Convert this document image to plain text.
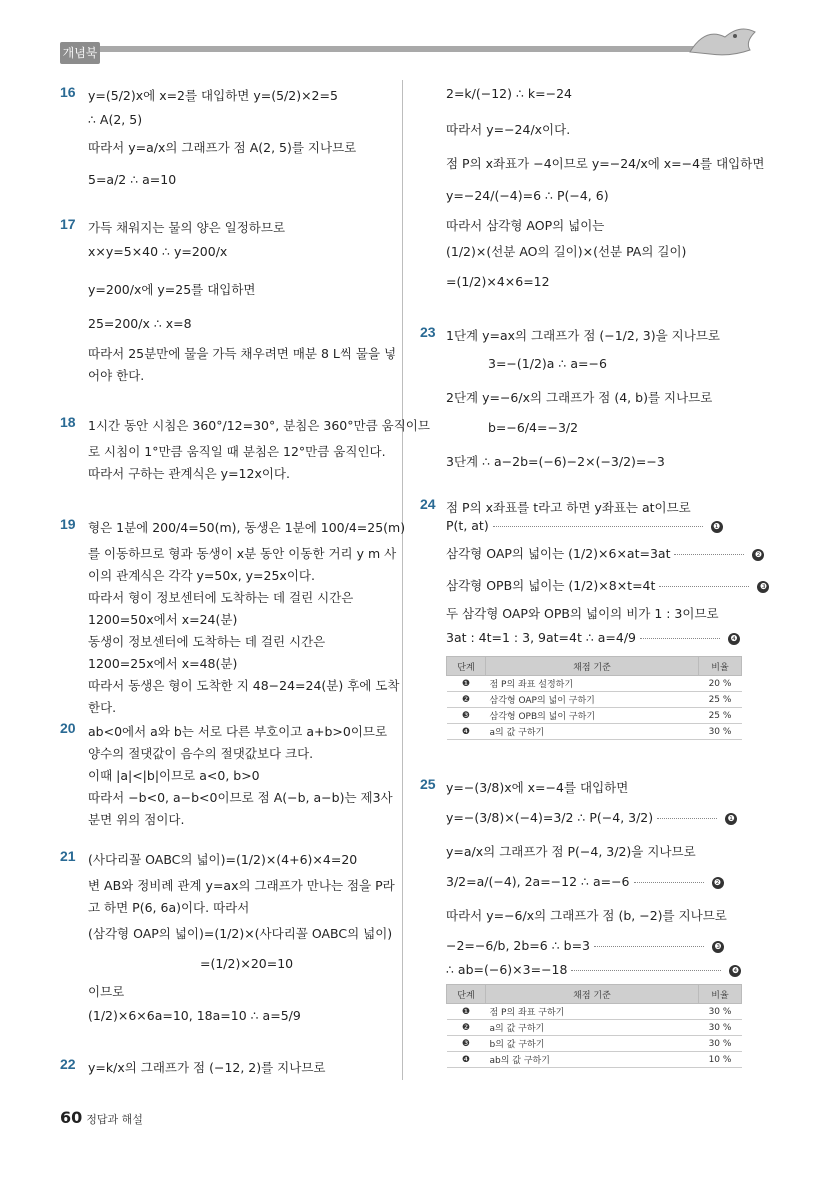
개념북
16 y=(5/2)x에 x=2를 대입하면 y=(5/2)×2=5
∴ A(2, 5)
따라서 y=a/x의 그래프가 점 A(2, 5)를 지나므로
5=a/2 ∴ a=10
17 가득 채워지는 물의 양은 일정하므로
x×y=5×40 ∴ y=200/x
y=200/x에 y=25를 대입하면
25=200/x ∴ x=8
따라서 25분만에 물을 가득 채우려면 매분 8 L씩 물을 넣
어야 한다.
18 1시간 동안 시침은 360°/12=30°, 분침은 360°만큼 움직이므
로 시침이 1°만큼 움직일 때 분침은 12°만큼 움직인다.
따라서 구하는 관계식은 y=12x이다.
19 형은 1분에 200/4=50(m), 동생은 1분에 100/4=25(m)
를 이동하므로 형과 동생이 x분 동안 이동한 거리 y m 사
이의 관계식은 각각 y=50x, y=25x이다.
따라서 형이 정보센터에 도착하는 데 걸린 시간은
1200=50x에서 x=24(분)
동생이 정보센터에 도착하는 데 걸린 시간은
1200=25x에서 x=48(분)
따라서 동생은 형이 도착한 지 48−24=24(분) 후에 도착
한다.
20 ab<0에서 a와 b는 서로 다른 부호이고 a+b>0이므로
양수의 절댓값이 음수의 절댓값보다 크다.
이때 |a|<|b|이므로 a<0, b>0
따라서 −b<0, a−b<0이므로 점 A(−b, a−b)는 제3사
분면 위의 점이다.
21 (사다리꼴 OABC의 넓이)=(1/2)×(4+6)×4=20
변 AB와 정비례 관계 y=ax의 그래프가 만나는 점을 P라
고 하면 P(6, 6a)이다. 따라서
(삼각형 OAP의 넓이)=(1/2)×(사다리꼴 OABC의 넓이)
=(1/2)×20=10
이므로
(1/2)×6×6a=10, 18a=10 ∴ a=5/9
22 y=k/x의 그래프가 점 (−12, 2)를 지나므로
2=k/(−12) ∴ k=−24
따라서 y=−24/x이다.
점 P의 x좌표가 −4이므로 y=−24/x에 x=−4를 대입하면
y=−24/(−4)=6 ∴ P(−4, 6)
따라서 삼각형 AOP의 넓이는
(1/2)×(선분 AO의 길이)×(선분 PA의 길이)
=(1/2)×4×6=12
23 1단계 y=ax의 그래프가 점 (−1/2, 3)을 지나므로
3=−(1/2)a ∴ a=−6
2단계 y=−6/x의 그래프가 점 (4, b)를 지나므로
b=−6/4=−3/2
3단계 ∴ a−2b=(−6)−2×(−3/2)=−3
24 점 P의 x좌표를 t라고 하면 y좌표는 at이므로
P(t, at)	❶
삼각형 OAP의 넓이는 (1/2)×6×at=3at	❷
삼각형 OPB의 넓이는 (1/2)×8×t=4t	❸
두 삼각형 OAP와 OPB의 넓이의 비가 1 : 3이므로
3at : 4t=1 : 3, 9at=4t ∴ a=4/9	❹
단계	채점 기준	비율
❶	점 P의 좌표 설정하기	20 %
❷	삼각형 OAP의 넓이 구하기	25 %
❸	삼각형 OPB의 넓이 구하기	25 %
❹	a의 값 구하기	30 %
25 y=−(3/8)x에 x=−4를 대입하면
y=−(3/8)×(−4)=3/2 ∴ P(−4, 3/2)	❶
y=a/x의 그래프가 점 P(−4, 3/2)을 지나므로
3/2=a/(−4), 2a=−12 ∴ a=−6	❷
따라서 y=−6/x의 그래프가 점 (b, −2)를 지나므로
−2=−6/b, 2b=6 ∴ b=3	❸
∴ ab=(−6)×3=−18	❹
단계	채점 기준	비율
❶	점 P의 좌표 구하기	30 %
❷	a의 값 구하기	30 %
❸	b의 값 구하기	30 %
❹	ab의 값 구하기	10 %
60 정답과 해설
